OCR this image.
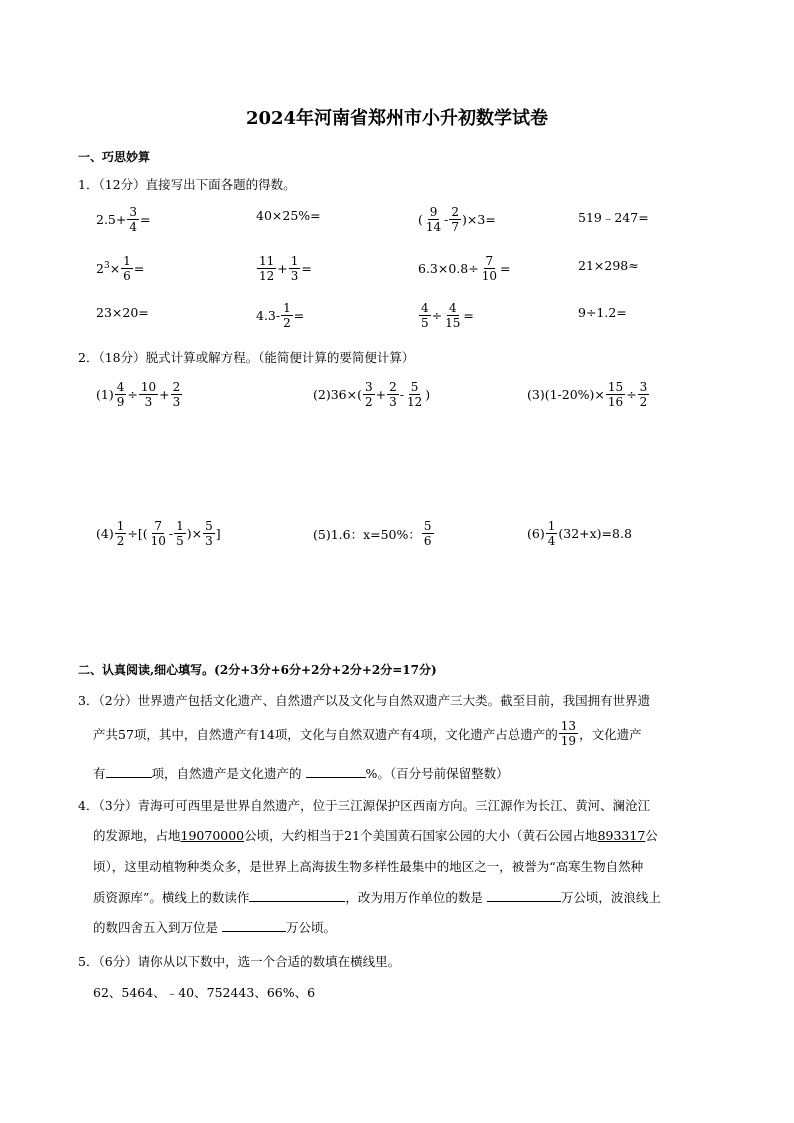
2024年河南省郑州市小升初数学试卷
一、巧思妙算
1．（12分）直接写出下面各题的得数。
$2.5+ \frac{3}{4}$ =	40×25%=	( $\frac{9}{14} - \frac{2}{7} )\times 3=$	519﹣247=
$2^3 \times \frac{1}{6}$ =	$\frac{11}{12} + \frac{1}{3}$ =	$6.3\times 0.8\div \frac{7}{10}$ =	21×298≈
23×20=	$4.3- \frac{1}{2}$ =	$\frac{4}{5} \div \frac{4}{15}$ =	9÷1.2=
2．（18分）脱式计算或解方程。（能简便计算的要简便计算）
$(1) \frac{4}{9} \div \frac{10}{3} + \frac{2}{3}$	$(2)36\times( \frac{3}{2} + \frac{2}{3} - \frac{5}{12}$ )	$(3)(1-20\%)\times \frac{15}{16} \div \frac{3}{2}$
$(4) \frac{1}{2}$ ÷[( $\frac{7}{10} - \frac{1}{5}$ )× $\frac{5}{3}$ ]	(5)1.6：x=50%： $\frac{5}{6}$	$(6) \frac{1}{4} (32+x)=8.8$
二、认真阅读,细心填写。(2分+3分+6分+2分+2分+2分=17分)
3．（2分）世界遗产包括文化遗产、自然遗产以及文化与自然双遗产三大类。截至目前，我国拥有世界遗
产共57项，其中，自然遗产有14项，文化与自然双遗产有4项，文化遗产占总遗产的 $\frac{13}{19}$ ，文化遗产
有	项，自然遗产是文化遗产的	%。（百分号前保留整数）
4．（3分）青海可可西里是世界自然遗产，位于三江源保护区西南方向。三江源作为长江、黄河、澜沧江
的发源地，占地19070000公顷，大约相当于21个美国黄石国家公园的大小（黄石公园占地893317公
顷），这里动植物种类众多，是世界上高海拔生物多样性最集中的地区之一，被誉为“高寒生物自然种
质资源库”。横线上的数读作	，改为用万作单位的数是	万公顷，波浪线上
的数四舍五入到万位是	万公顷。
5．（6分）请你从以下数中，选一个合适的数填在横线里。
62、5464、﹣40、752443、66%、6
